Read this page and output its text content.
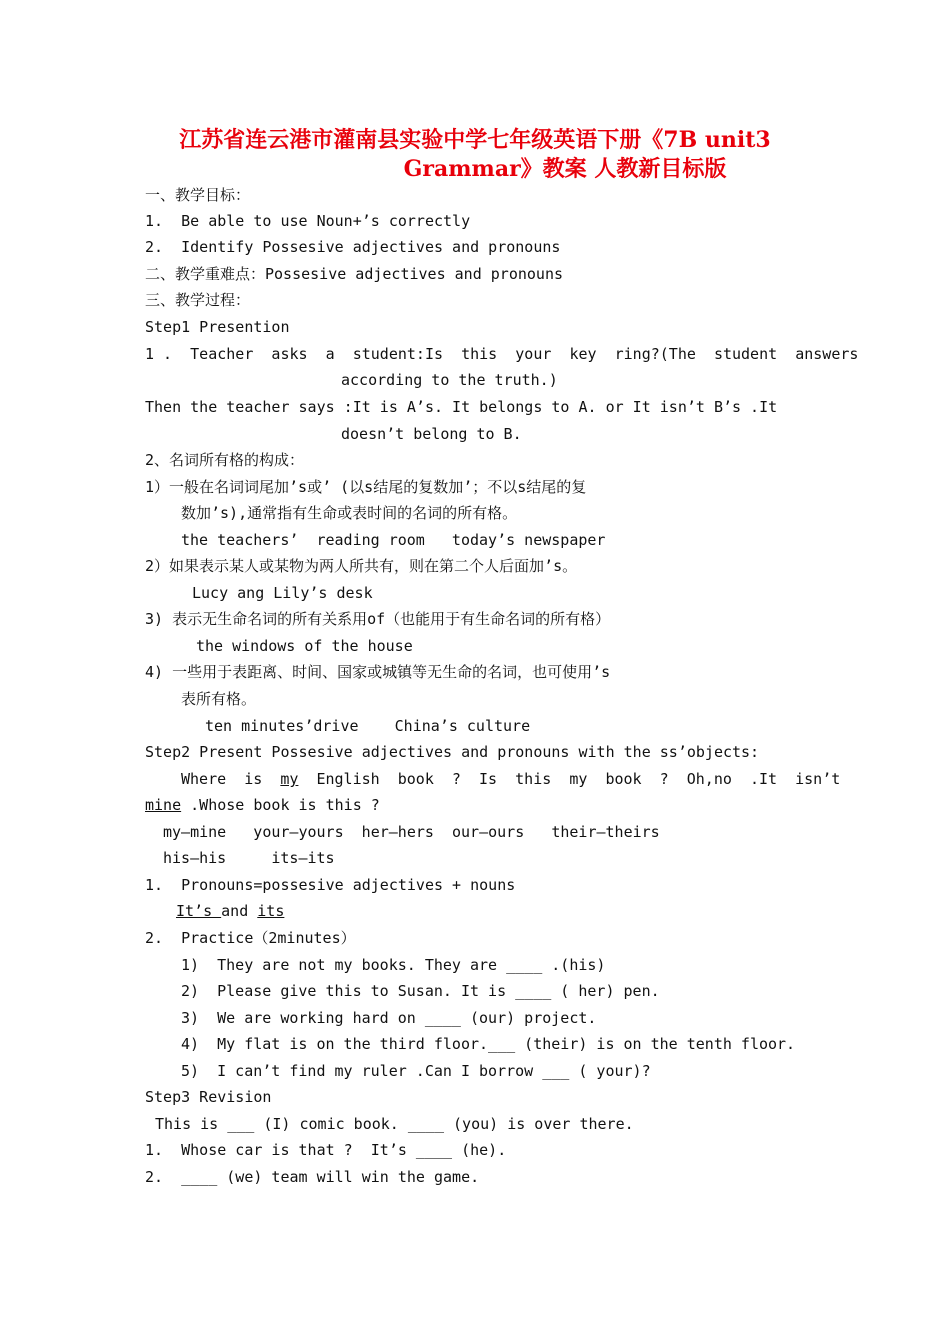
江苏省连云港市灌南县实验中学七年级英语下册《7B unit3
Grammar》教案 人教新目标版
一、教学目标：
1.  Be able to use Noun+’s correctly
2.  Identify Possesive adjectives and pronouns
二、教学重难点：Possesive adjectives and pronouns
三、教学过程：
Step1 Presention
1 .  Teacher  asks  a  student:Is  this  your  key  ring?(The  student  answers
according to the truth.)
Then the teacher says :It is A’s. It belongs to A. or It isn’t B’s .It
doesn’t belong to B.
2、名词所有格的构成：
1）一般在名词词尾加’s或’ (以s结尾的复数加’；不以s结尾的复
数加’s),通常指有生命或表时间的名词的所有格。
the teachers’  reading room   today’s newspaper
2）如果表示某人或某物为两人所共有，则在第二个人后面加’s。
Lucy ang Lily’s desk
3) 表示无生命名词的所有关系用of（也能用于有生命名词的所有格）
the windows of the house
4) 一些用于表距离、时间、国家或城镇等无生命的名词，也可使用’s
表所有格。
ten minutes’drive    China’s culture
Step2 Present Possesive adjectives and pronouns with the ss’objects:
Where  is  my  English  book  ?  Is  this  my  book  ?  Oh,no  .It  isn’t
mine .Whose book is this ?
my—mine   your—yours  her—hers  our—ours   their—theirs
his—his     its—its
1.  Pronouns=possesive adjectives + nouns
It’s and its
2.  Practice（2minutes）
1)  They are not my books. They are ____ .(his)
2)  Please give this to Susan. It is ____ ( her) pen.
3)  We are working hard on ____ (our) project.
4)  My flat is on the third floor.___ (their) is on the tenth floor.
5)  I can’t find my ruler .Can I borrow ___ ( your)?
Step3 Revision
This is ___ (I) comic book. ____ (you) is over there.
1.  Whose car is that ?  It’s ____ (he).
2.  ____ (we) team will win the game.
